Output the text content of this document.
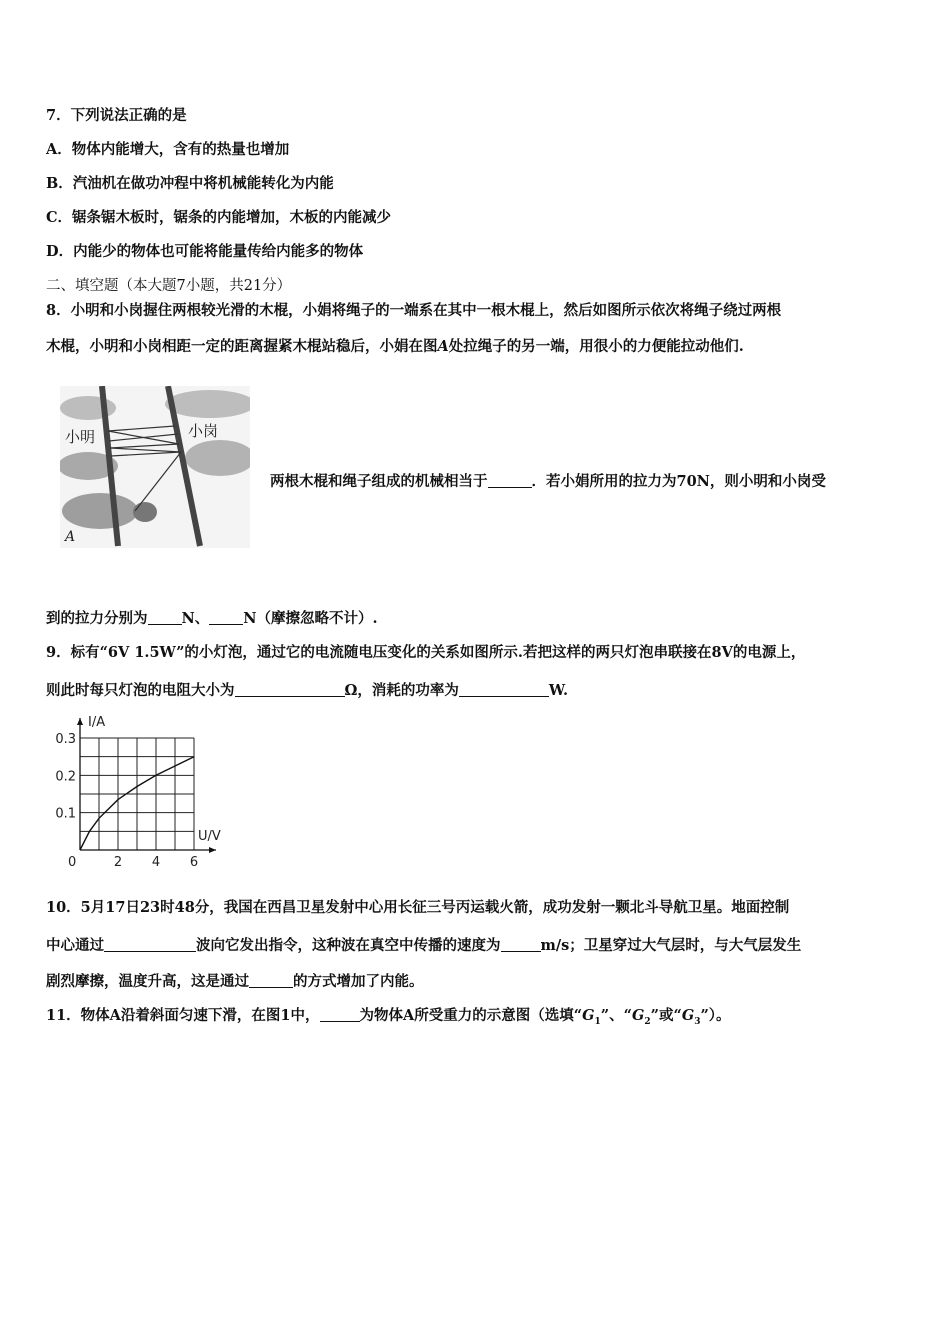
7．下列说法正确的是
A．物体内能增大，含有的热量也增加
B．汽油机在做功冲程中将机械能转化为内能
C．锯条锯木板时，锯条的内能增加，木板的内能减少
D．内能少的物体也可能将能量传给内能多的物体
二、填空题（本大题7小题，共21分）
8．小明和小岗握住两根较光滑的木棍，小娟将绳子的一端系在其中一根木棍上，然后如图所示依次将绳子绕过两根
木棍，小明和小岗相距一定的距离握紧木棍站稳后，小娟在图A处拉绳子的另一端，用很小的力便能拉动他们.
小明	小岗
A
两根木棍和绳子组成的机械相当于	．若小娟所用的拉力为70N，则小明和小岗受
到的拉力分别为 N、 N（摩擦忽略不计）.
9．标有“6V 1.5W”的小灯泡，通过它的电流随电压变化的关系如图所示.若把这样的两只灯泡串联接在8V的电源上，
则此时每只灯泡的电阻大小为	Ω，消耗的功率为	W.
2 4 6
0.1
0.2
0.3
0
U/V
I/A
10．5月17日23时48分，我国在西昌卫星发射中心用长征三号丙运载火箭，成功发射一颗北斗导航卫星。地面控制
中心通过	波向它发出指令，这种波在真空中传播的速度为	m/s；卫星穿过大气层时，与大气层发生
剧烈摩擦，温度升高，这是通过	的方式增加了内能。
11．物体A沿着斜面匀速下滑，在图1中，	为物体A所受重力的示意图（选填“$G_1$”、“$G_2$”或“$G_3$”）。
